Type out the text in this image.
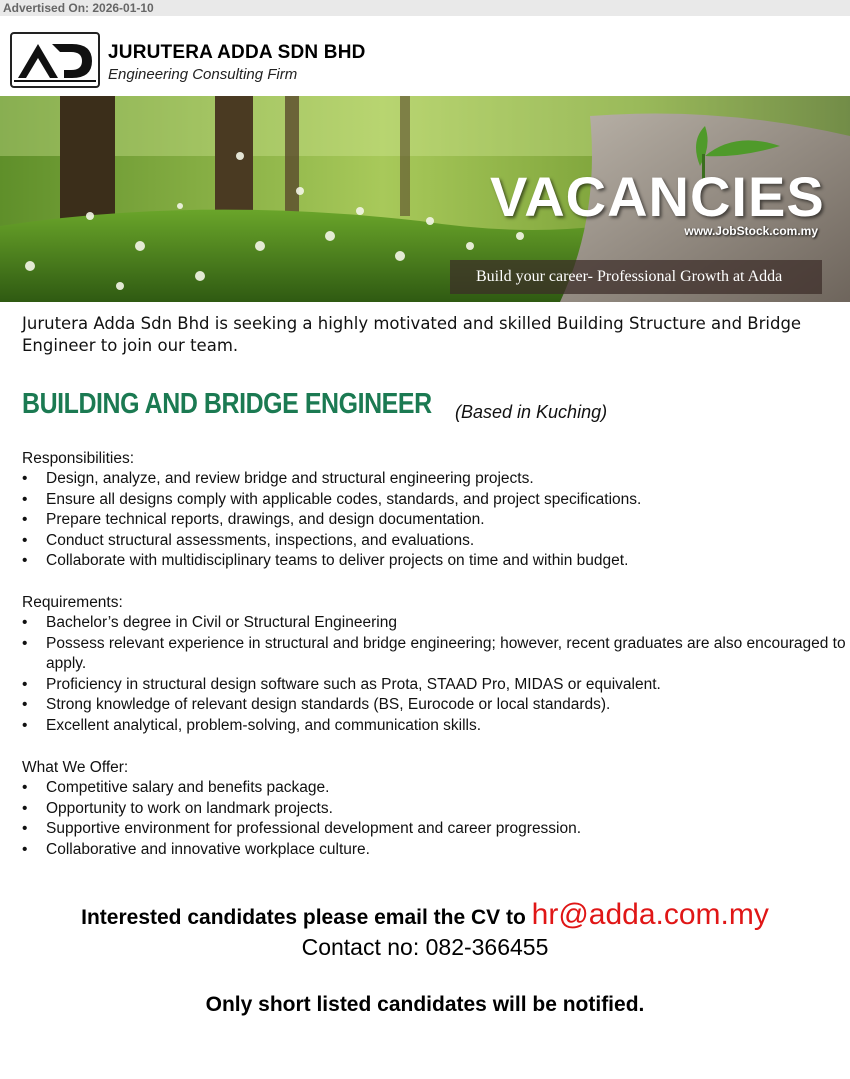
Advertised On: 2026-01-10
JURUTERA ADDA SDN BHD
Engineering Consulting Firm
VACANCIES
www.JobStock.com.my
Build your career- Professional Growth at Adda
Jurutera Adda Sdn Bhd is seeking a highly motivated and skilled Building Structure and Bridge Engineer to join our team.
BUILDING AND BRIDGE ENGINEER	(Based in Kuching)
Responsibilities:
• Design, analyze, and review bridge and structural engineering projects.
• Ensure all designs comply with applicable codes, standards, and project specifications.
• Prepare technical reports, drawings, and design documentation.
• Conduct structural assessments, inspections, and evaluations.
• Collaborate with multidisciplinary teams to deliver projects on time and within budget.
Requirements:
• Bachelor’s degree in Civil or Structural Engineering
• Possess relevant experience in structural and bridge engineering; however, recent graduates are also encouraged to apply.
• Proficiency in structural design software such as Prota, STAAD Pro, MIDAS or equivalent.
• Strong knowledge of relevant design standards (BS, Eurocode or local standards).
• Excellent analytical, problem-solving, and communication skills.
What We Offer:
• Competitive salary and benefits package.
• Opportunity to work on landmark projects.
• Supportive environment for professional development and career progression.
• Collaborative and innovative workplace culture.
Interested candidates please email the CV to hr@adda.com.my
Contact no: 082-366455
Only short listed candidates will be notified.
